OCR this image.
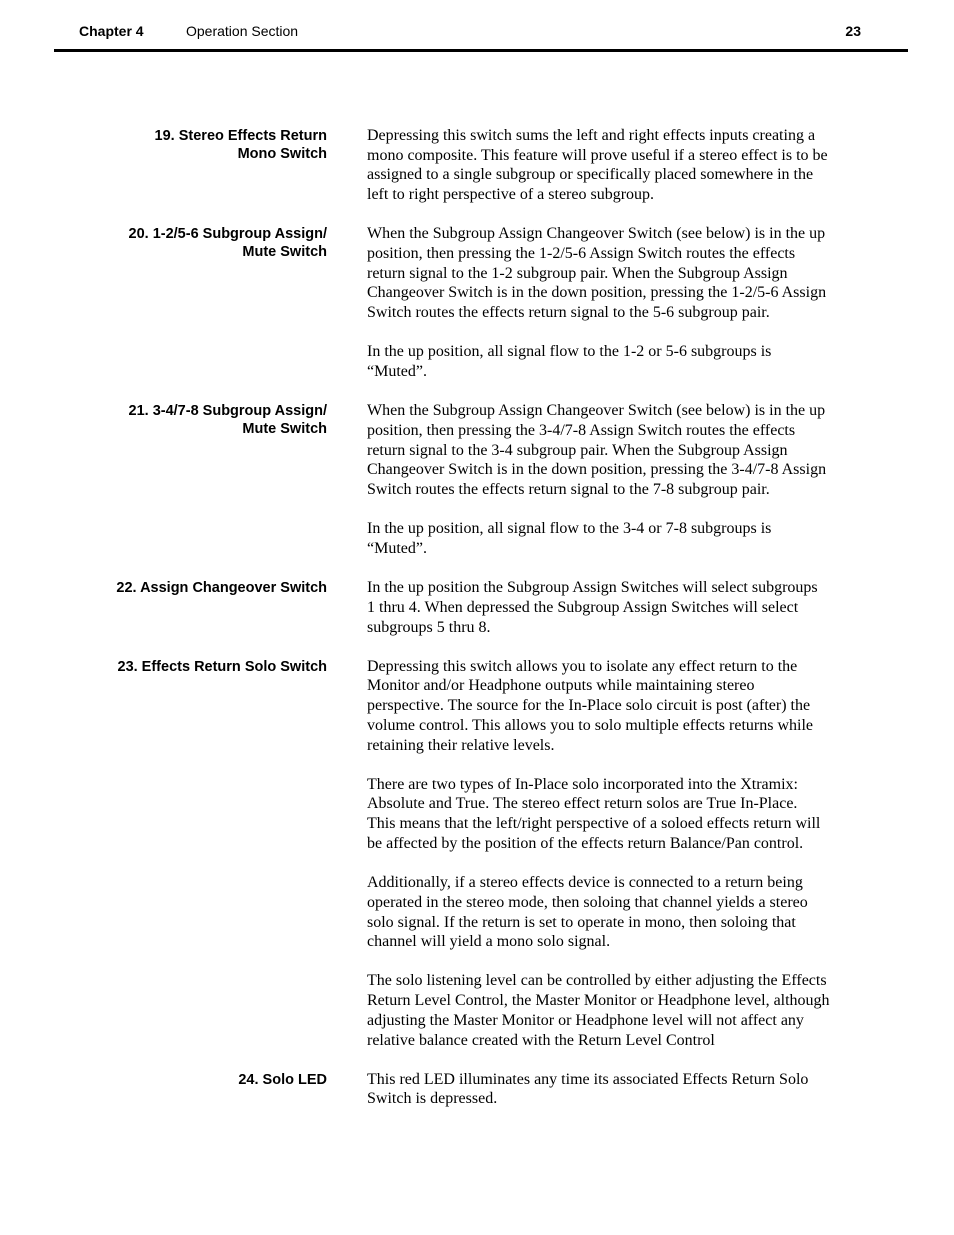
Chapter 4	Operation Section	23
19. Stereo Effects Return
Mono Switch

Depressing this switch sums the left and right effects inputs creating a
mono composite. This feature will prove useful if a stereo effect is to be
assigned to a single subgroup or specifically placed somewhere in the
left to right perspective of a stereo subgroup.

20. 1-2/5-6 Subgroup Assign/
Mute Switch

When the Subgroup Assign Changeover Switch (see below) is in the up
position, then pressing the 1-2/5-6 Assign Switch routes the effects
return signal to the 1-2 subgroup pair. When the Subgroup Assign
Changeover Switch is in the down position, pressing the 1-2/5-6 Assign
Switch routes the effects return signal to the 5-6 subgroup pair.

In the up position, all signal flow to the 1-2 or 5-6 subgroups is
“Muted”.

21. 3-4/7-8 Subgroup Assign/
Mute Switch

When the Subgroup Assign Changeover Switch (see below) is in the up
position, then pressing the 3-4/7-8 Assign Switch routes the effects
return signal to the 3-4 subgroup pair. When the Subgroup Assign
Changeover Switch is in the down position, pressing the 3-4/7-8 Assign
Switch routes the effects return signal to the 7-8 subgroup pair.

In the up position, all signal flow to the 3-4 or 7-8 subgroups is
“Muted”.

22. Assign Changeover Switch	In the up position the Subgroup Assign Switches will select subgroups
1 thru 4. When depressed the Subgroup Assign Switches will select
subgroups 5 thru 8.

23. Effects Return Solo Switch	Depressing this switch allows you to isolate any effect return to the
Monitor and/or Headphone outputs while maintaining stereo
perspective. The source for the In-Place solo circuit is post (after) the
volume control. This allows you to solo multiple effects returns while
retaining their relative levels.

There are two types of In-Place solo incorporated into the Xtramix:
Absolute and True. The stereo effect return solos are True In-Place.
This means that the left/right perspective of a soloed effects return will
be affected by the position of the effects return Balance/Pan control.

Additionally, if a stereo effects device is connected to a return being
operated in the stereo mode, then soloing that channel yields a stereo
solo signal. If the return is set to operate in mono, then soloing that
channel will yield a mono solo signal.

The solo listening level can be controlled by either adjusting the Effects
Return Level Control, the Master Monitor or Headphone level, although
adjusting the Master Monitor or Headphone level will not affect any
relative balance created with the Return Level Control

24. Solo LED	This red LED illuminates any time its associated Effects Return Solo
Switch is depressed.
